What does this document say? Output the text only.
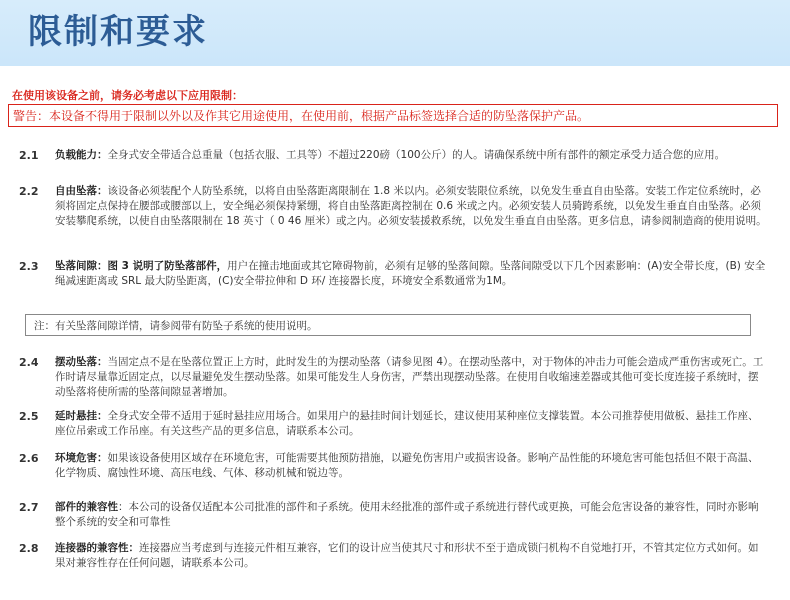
限制和要求
在使用该设备之前，请务必考虑以下应用限制：
警告：本设备不得用于限制以外以及作其它用途使用，在使用前，根据产品标签选择合适的防坠落保护产品。
2.1 负载能力：全身式安全带适合总重量（包括衣服、工具等）不超过220磅（100公斤）的人。请确保系统中所有部件的额定承受力适合您的应用。
2.2 自由坠落：该设备必须装配个人防坠系统，以将自由坠落距离限制在 1.8 米以内。必须安装限位系统，以免发生垂直自由坠落。安装工作定位系统时，必须将固定点保持在腰部或腰部以上，安全绳必须保持紧绷，将自由坠落距离控制在 0.6 米或之内。必须安装人员骑跨系统，以免发生垂直自由坠落。必须安装攀爬系统，以使自由坠落限制在 18 英寸（ 0 46 厘米）或之内。必须安装援救系统，以免发生垂直自由坠落。更多信息，请参阅制造商的使用说明。
2.3 坠落间隙：图 3 说明了防坠落部件，用户在撞击地面或其它障碍物前，必须有足够的坠落间隙。坠落间隙受以下几个因素影响：(A)安全带长度，(B) 安全绳减速距离或 SRL 最大防坠距离，(C)安全带拉伸和 D 环/ 连接器长度，环境安全系数通常为1M。
注：有关坠落间隙详情，请参阅带有防坠子系统的使用说明。
2.4 摆动坠落：当固定点不是在坠落位置正上方时，此时发生的为摆动坠落（请参见图 4）。在摆动坠落中，对于物体的冲击力可能会造成严重伤害或死亡。工作时请尽量靠近固定点，以尽量避免发生摆动坠落。如果可能发生人身伤害，严禁出现摆动坠落。在使用自收缩速差器或其他可变长度连接子系统时，摆动坠落将使所需的坠落间隙显著增加。
2.5 延时悬挂：全身式安全带不适用于延时悬挂应用场合。如果用户的悬挂时间计划延长，建议使用某种座位支撑装置。本公司推荐使用做板、悬挂工作座、座位吊索或工作吊座。有关这些产品的更多信息，请联系本公司。
2.6 环境危害：如果该设备使用区域存在环境危害，可能需要其他预防措施，以避免伤害用户或损害设备。影响产品性能的环境危害可能包括但不限于高温、 化学物质、腐蚀性环境、高压电线、气体、移动机械和锐边等。
2.7 部件的兼容性：本公司的设备仅适配本公司批准的部件和子系统。使用未经批准的部件或子系统进行替代或更换，可能会危害设备的兼容性，同时亦影响整个系统的安全和可靠性
2.8 连接器的兼容性：连接器应当考虑到与连接元件相互兼容，它们的设计应当使其尺寸和形状不至于造成锁闩机构不自觉地打开，不管其定位方式如何。如果对兼容性存在任何问题，请联系本公司。
